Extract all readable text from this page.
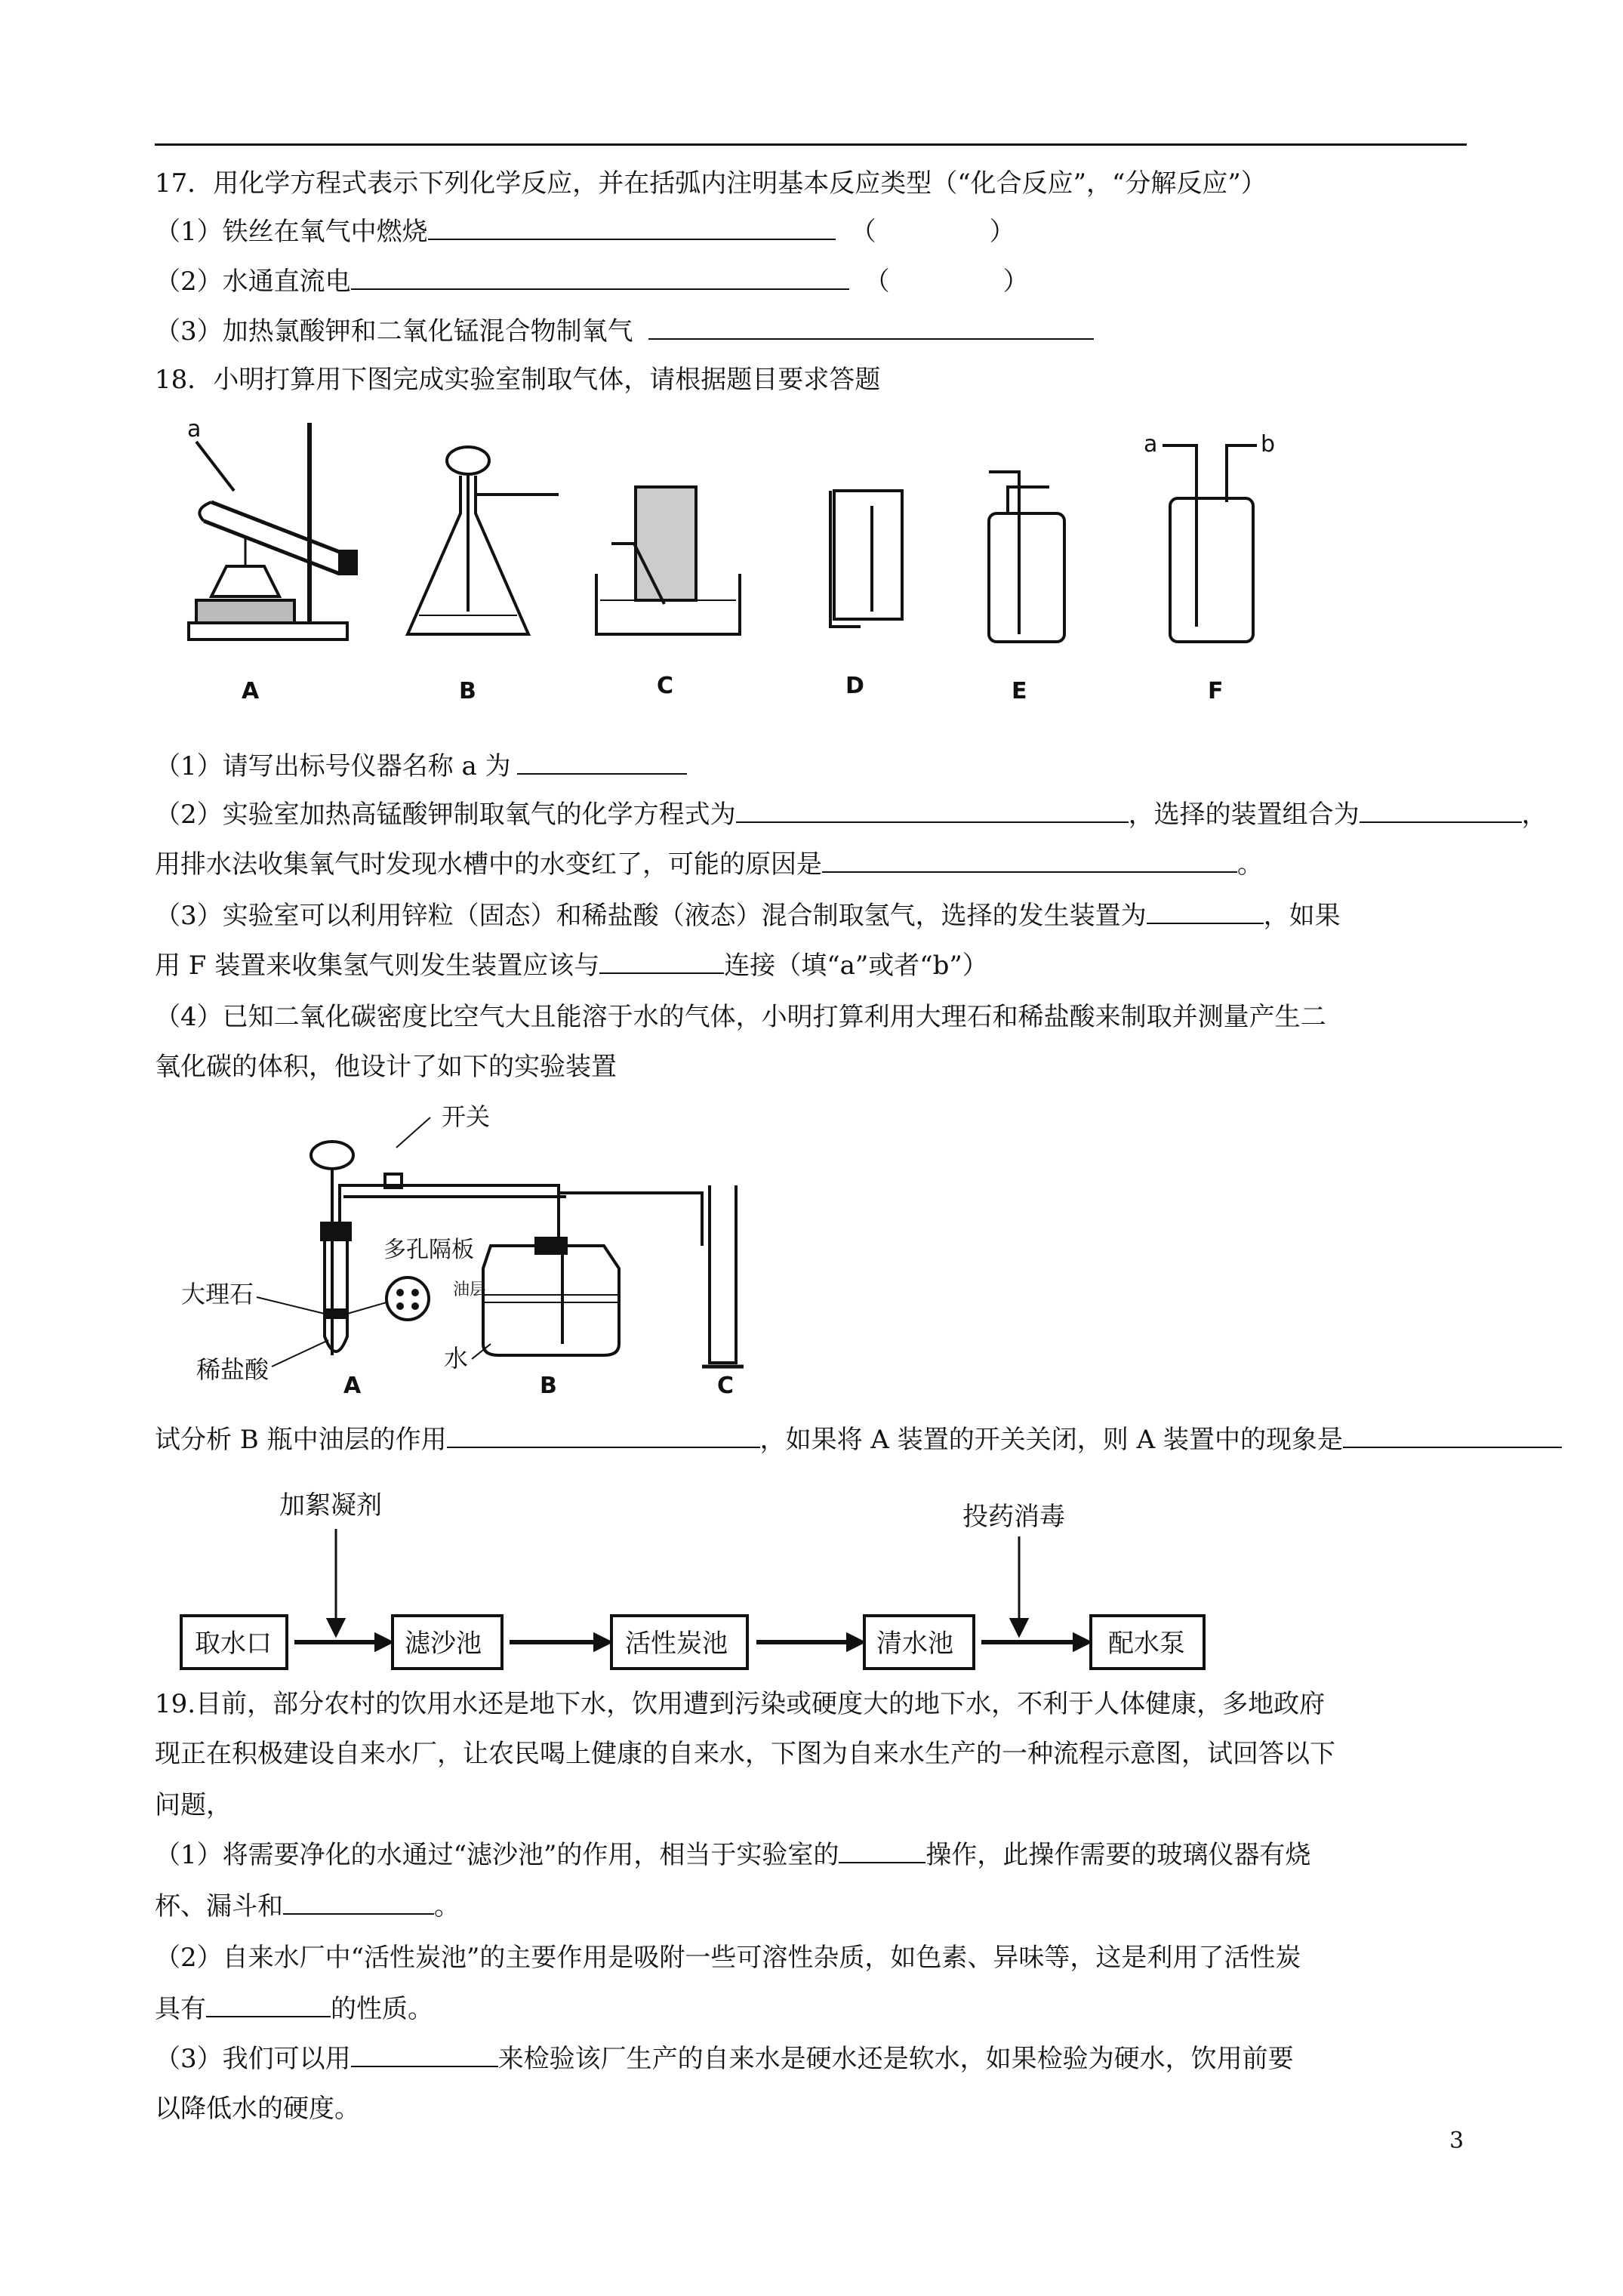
17．用化学方程式表示下列化学反应，并在括弧内注明基本反应类型（“化合反应”，“分解反应”）
（1）铁丝在氧气中燃烧	（	）
（2）水通直流电	（	）
（3）加热氯酸钾和二氧化锰混合物制氧气
18．小明打算用下图完成实验室制取气体，请根据题目要求答题
a
A	B	C	D	E
a	b
F
（1）请写出标号仪器名称 a 为
（2）实验室加热高锰酸钾制取氧气的化学方程式为	，选择的装置组合为	，
用排水法收集氧气时发现水槽中的水变红了，可能的原因是	。
（3）实验室可以利用锌粒（固态）和稀盐酸（液态）混合制取氢气，选择的发生装置为	，如果
用 F 装置来收集氢气则发生装置应该与	连接（填“a”或者“b”）
（4）已知二氧化碳密度比空气大且能溶于水的气体，小明打算利用大理石和稀盐酸来制取并测量产生二
氧化碳的体积，他设计了如下的实验装置
开关
多孔隔板
大理石
稀盐酸
A
油层
水
B	C
试分析 B 瓶中油层的作用	，如果将 A 装置的开关关闭，则 A 装置中的现象是
加絮凝剂	投药消毒
取水口	滤沙池	活性炭池	清水池	配水泵
19.目前，部分农村的饮用水还是地下水，饮用遭到污染或硬度大的地下水，不利于人体健康，多地政府
现正在积极建设自来水厂，让农民喝上健康的自来水，下图为自来水生产的一种流程示意图，试回答以下
问题，
（1）将需要净化的水通过“滤沙池”的作用，相当于实验室的	操作，此操作需要的玻璃仪器有烧
杯、漏斗和	。
（2）自来水厂中“活性炭池”的主要作用是吸附一些可溶性杂质，如色素、异味等，这是利用了活性炭
具有	的性质。
（3）我们可以用	来检验该厂生产的自来水是硬水还是软水，如果检验为硬水，饮用前要
以降低水的硬度。
3
